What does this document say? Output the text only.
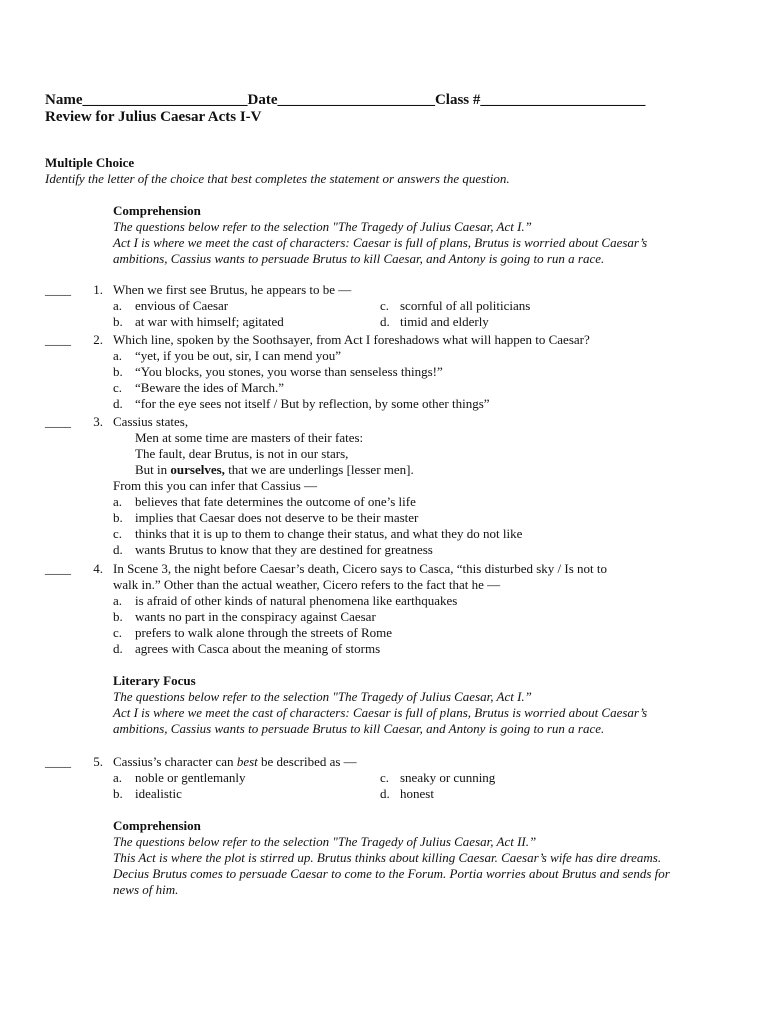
Name______________________Date_____________________Class #______________________
Review for Julius Caesar Acts I-V
Multiple Choice
Identify the letter of the choice that best completes the statement or answers the question.
Comprehension
The questions below refer to the selection "The Tragedy of Julius Caesar, Act I.”
Act I is where we meet the cast of characters: Caesar is full of plans, Brutus is worried about Caesar’s
ambitions, Cassius wants to persuade Brutus to kill Caesar, and Antony is going to run a race.
____	1. When we first see Brutus, he appears to be —
a. envious of Caesar	c. scornful of all politicians
b. at war with himself; agitated	d. timid and elderly
____	2. Which line, spoken by the Soothsayer, from Act I foreshadows what will happen to Caesar?
a. “yet, if you be out, sir, I can mend you”
b. “You blocks, you stones, you worse than senseless things!”
c. “Beware the ides of March.”
d. “for the eye sees not itself / But by reflection, by some other things”
____	3. Cassius states,
Men at some time are masters of their fates:
The fault, dear Brutus, is not in our stars,
But in ourselves, that we are underlings [lesser men].
From this you can infer that Cassius —
a. believes that fate determines the outcome of one’s life
b. implies that Caesar does not deserve to be their master
c. thinks that it is up to them to change their status, and what they do not like
d. wants Brutus to know that they are destined for greatness
____	4. In Scene 3, the night before Caesar’s death, Cicero says to Casca, “this disturbed sky / Is not to
walk in.” Other than the actual weather, Cicero refers to the fact that he —
a. is afraid of other kinds of natural phenomena like earthquakes
b. wants no part in the conspiracy against Caesar
c. prefers to walk alone through the streets of Rome
d. agrees with Casca about the meaning of storms
Literary Focus
The questions below refer to the selection "The Tragedy of Julius Caesar, Act I.”
Act I is where we meet the cast of characters: Caesar is full of plans, Brutus is worried about Caesar’s
ambitions, Cassius wants to persuade Brutus to kill Caesar, and Antony is going to run a race.
____	5. Cassius’s character can best be described as —
a. noble or gentlemanly	c. sneaky or cunning
b. idealistic	d. honest
Comprehension
The questions below refer to the selection "The Tragedy of Julius Caesar, Act II.”
This Act is where the plot is stirred up. Brutus thinks about killing Caesar. Caesar’s wife has dire dreams.
Decius Brutus comes to persuade Caesar to come to the Forum. Portia worries about Brutus and sends for
news of him.
